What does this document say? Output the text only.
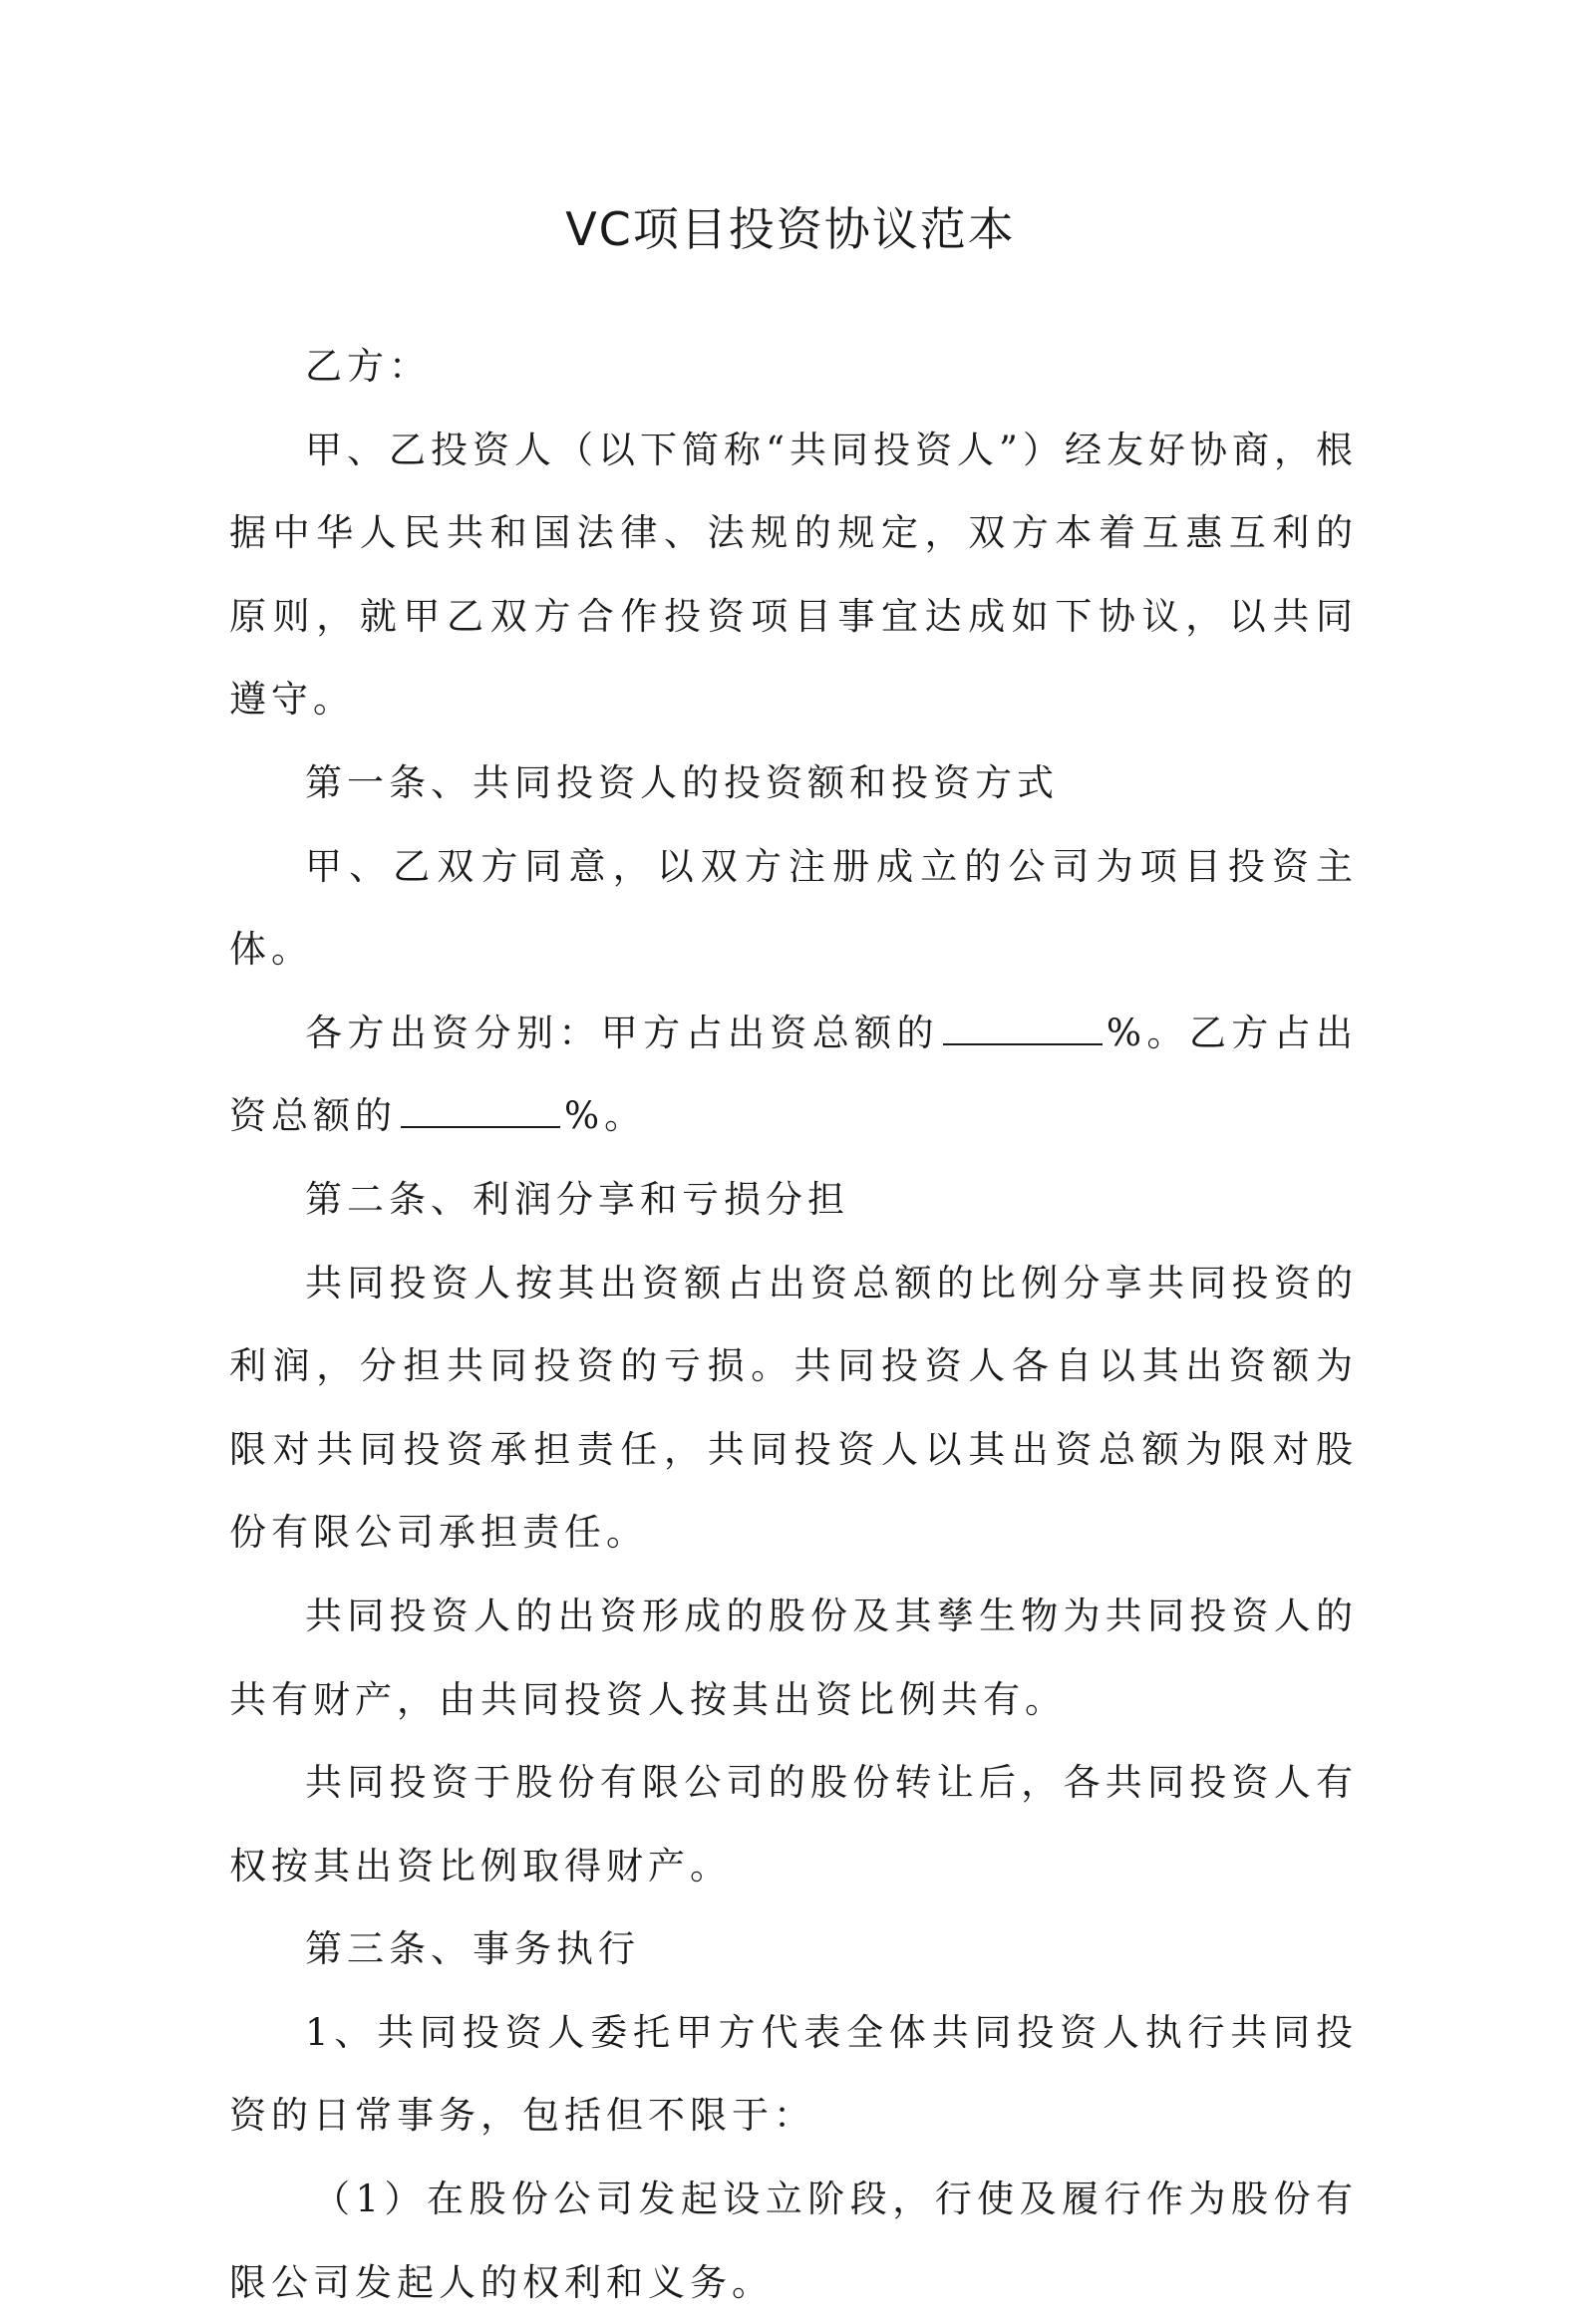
VC项目投资协议范本

乙方：

甲、乙投资人（以下简称“共同投资人”）经友好协商，根据中华人民共和国法律、法规的规定，双方本着互惠互利的原则，就甲乙双方合作投资项目事宜达成如下协议，以共同遵守。

第一条、共同投资人的投资额和投资方式

甲、乙双方同意，以双方注册成立的公司为项目投资主体。

各方出资分别：甲方占出资总额的	%。乙方占出资总额的	%。

第二条、利润分享和亏损分担

共同投资人按其出资额占出资总额的比例分享共同投资的利润，分担共同投资的亏损。共同投资人各自以其出资额为限对共同投资承担责任，共同投资人以其出资总额为限对股份有限公司承担责任。

共同投资人的出资形成的股份及其孳生物为共同投资人的共有财产，由共同投资人按其出资比例共有。

共同投资于股份有限公司的股份转让后，各共同投资人有权按其出资比例取得财产。

第三条、事务执行

1、共同投资人委托甲方代表全体共同投资人执行共同投资的日常事务，包括但不限于：

（1）在股份公司发起设立阶段，行使及履行作为股份有限公司发起人的权利和义务。
